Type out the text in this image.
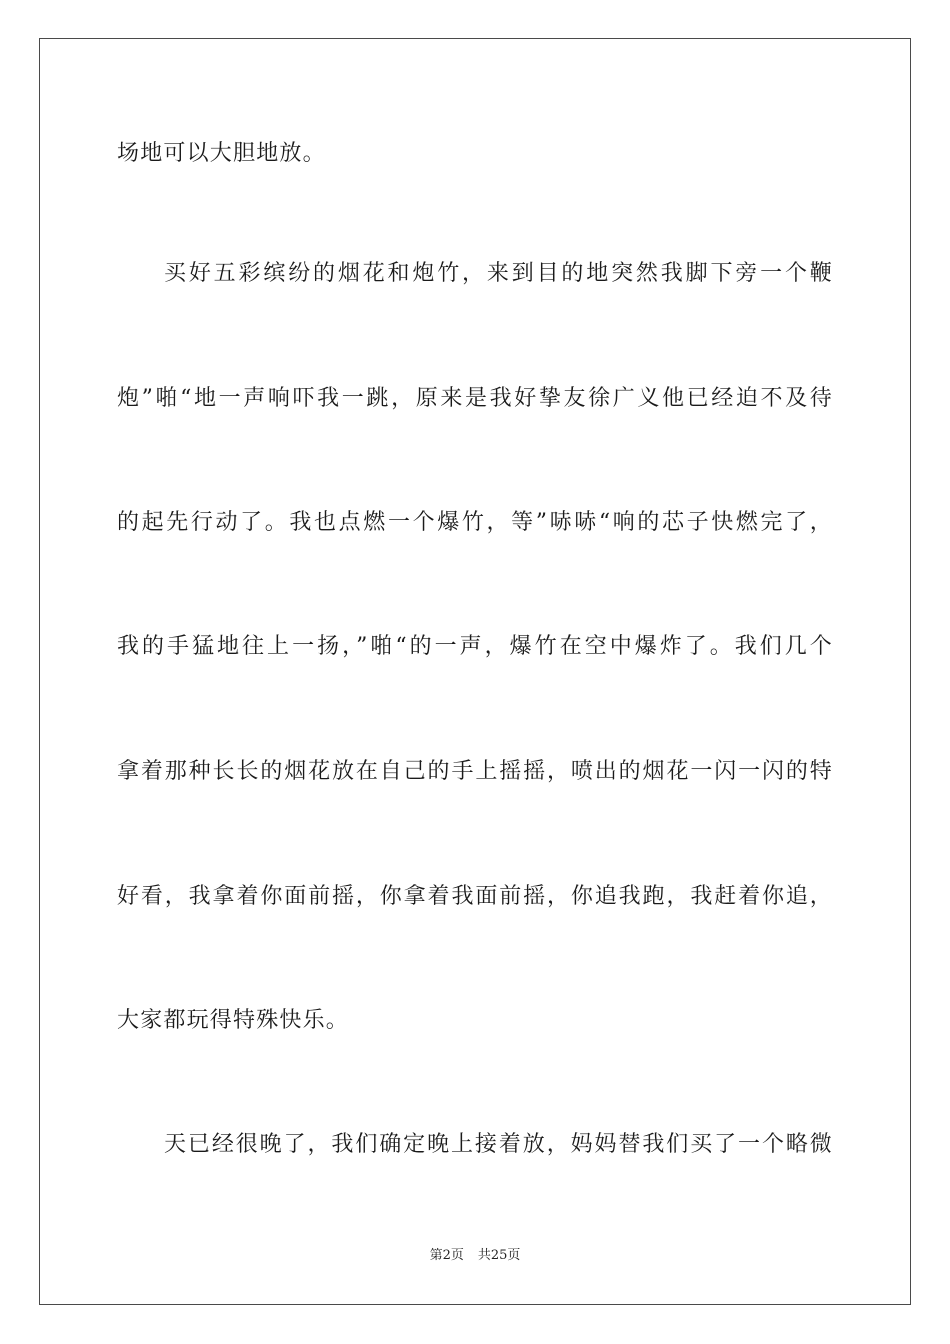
场地可以大胆地放。

买好五彩缤纷的烟花和炮竹，来到目的地突然我脚下旁一个鞭

炮”啪“地一声响吓我一跳，原来是我好挚友徐广义他已经迫不及待

的起先行动了。我也点燃一个爆竹，等”哧哧“响的芯子快燃完了，

我的手猛地往上一扬，”啪“的一声，爆竹在空中爆炸了。我们几个

拿着那种长长的烟花放在自己的手上摇摇，喷出的烟花一闪一闪的特

好看，我拿着你面前摇，你拿着我面前摇，你追我跑，我赶着你追，

大家都玩得特殊快乐。

天已经很晚了，我们确定晚上接着放，妈妈替我们买了一个略微

第2页 共25页
